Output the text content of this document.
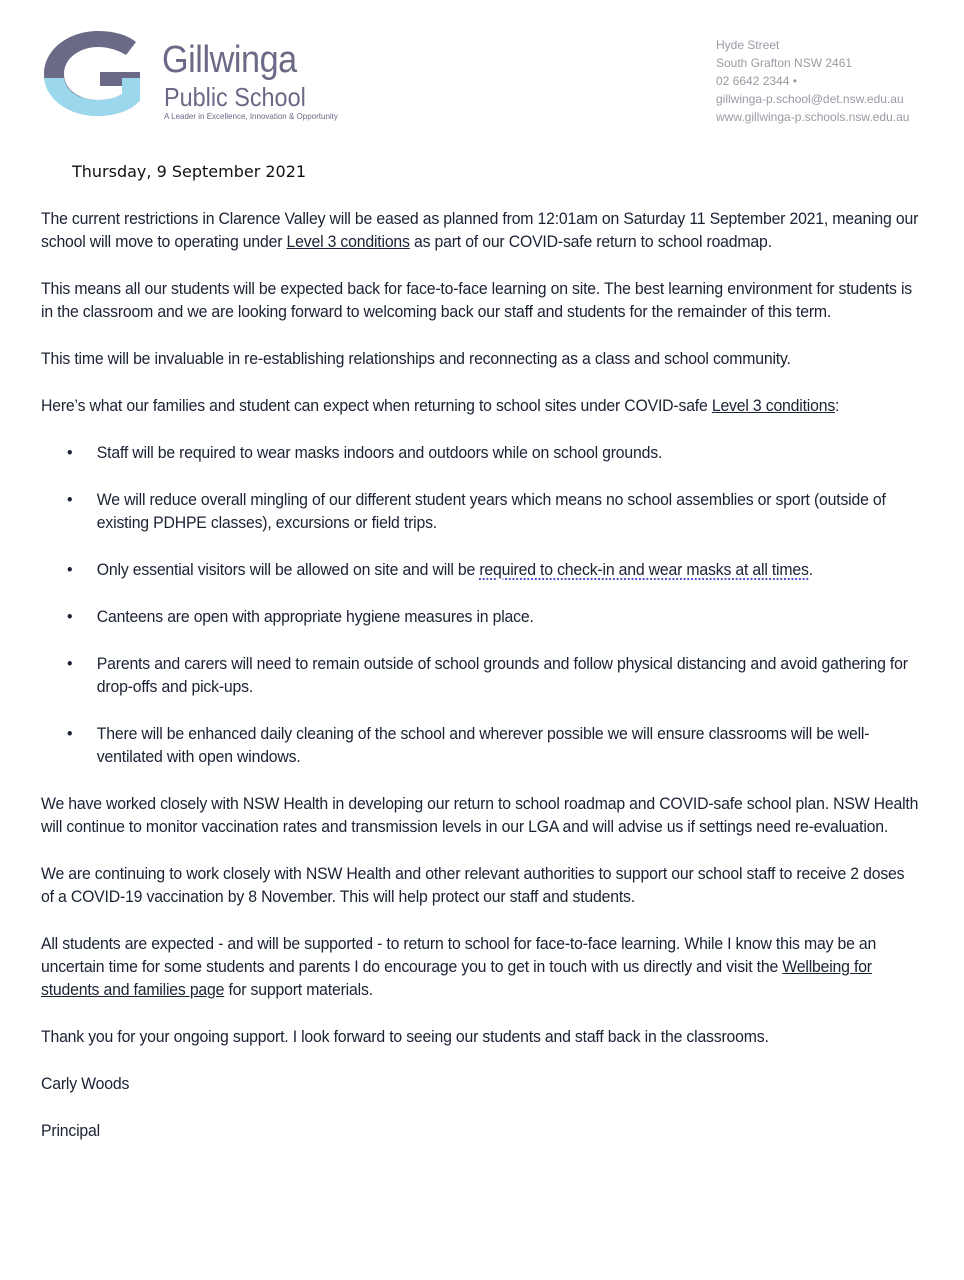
Gillwinga
Public School
A Leader in Excellence, Innovation & Opportunity
Hyde Street
South Grafton NSW 2461
02 6642 2344 •
gillwinga-p.school@det.nsw.edu.au
www.gillwinga-p.schools.nsw.edu.au
Thursday, 9 September 2021

The current restrictions in Clarence Valley will be eased as planned from 12:01am on Saturday 11 September 2021, meaning our school will move to operating under Level 3 conditions as part of our COVID-safe return to school roadmap.

This means all our students will be expected back for face-to-face learning on site. The best learning environment for students is in the classroom and we are looking forward to welcoming back our staff and students for the remainder of this term.

This time will be invaluable in re-establishing relationships and reconnecting as a class and school community.

Here’s what our families and student can expect when returning to school sites under COVID-safe Level 3 conditions:

• Staff will be required to wear masks indoors and outdoors while on school grounds.
• We will reduce overall mingling of our different student years which means no school assemblies or sport (outside of existing PDHPE classes), excursions or field trips.
• Only essential visitors will be allowed on site and will be required to check-in and wear masks at all times.
• Canteens are open with appropriate hygiene measures in place.
• Parents and carers will need to remain outside of school grounds and follow physical distancing and avoid gathering for drop-offs and pick-ups.
• There will be enhanced daily cleaning of the school and wherever possible we will ensure classrooms will be well-ventilated with open windows.

We have worked closely with NSW Health in developing our return to school roadmap and COVID-safe school plan. NSW Health will continue to monitor vaccination rates and transmission levels in our LGA and will advise us if settings need re-evaluation.

We are continuing to work closely with NSW Health and other relevant authorities to support our school staff to receive 2 doses of a COVID-19 vaccination by 8 November. This will help protect our staff and students.

All students are expected - and will be supported - to return to school for face-to-face learning. While I know this may be an uncertain time for some students and parents I do encourage you to get in touch with us directly and visit the Wellbeing for students and families page for support materials.

Thank you for your ongoing support. I look forward to seeing our students and staff back in the classrooms.

Carly Woods

Principal
